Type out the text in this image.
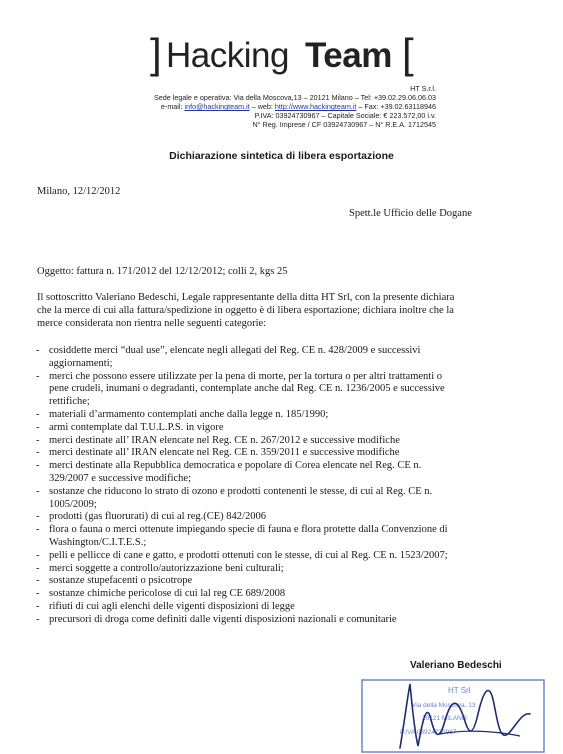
] Hacking Team [
HT S.r.l.
Sede legale e operativa: Via della Moscova,13 – 20121 Milano – Tel: +39.02.29.06.06.03
e-mail: info@hackingteam.it – web: http://www.hackingteam.it – Fax: +39.02.63118946
P.IVA: 03924730967 – Capitale Sociale: € 223.572,00 i.v.
N° Reg. Imprese / CF 03924730967 – N° R.E.A. 1712545
Dichiarazione sintetica di libera esportazione
Milano, 12/12/2012
Spett.le Ufficio delle Dogane
Oggetto: fattura n. 171/2012 del 12/12/2012; colli 2, kgs 25
Il sottoscritto Valeriano Bedeschi, Legale rappresentante della ditta HT Srl, con la presente dichiara
che la merce di cui alla fattura/spedizione in oggetto è di libera esportazione; dichiara inoltre che la
merce considerata non rientra nelle seguenti categorie:
- cosiddette merci “dual use”, elencate negli allegati del Reg. CE n. 428/2009 e successivi
aggiornamenti;
- merci che possono essere utilizzate per la pena di morte, per la tortura o per altri trattamenti o
pene crudeli, inumani o degradanti, contemplate anche dal Reg. CE n. 1236/2005 e successive
rettifiche;
- materiali d’armamento contemplati anche dalla legge n. 185/1990;
- armi contemplate dal T.U.L.P.S. in vigore
- merci destinate all’ IRAN elencate nel Reg. CE n. 267/2012 e successive modifiche
- merci destinate all’ IRAN elencate nel Reg. CE n. 359/2011 e successive modifiche
- merci destinate alla Repubblica democratica e popolare di Corea elencate nel Reg. CE n.
329/2007 e successive modifiche;
- sostanze che riducono lo strato di ozono e prodotti contenenti le stesse, di cui al Reg. CE n.
1005/2009;
- prodotti (gas fluorurati) di cui al reg.(CE) 842/2006
- flora o fauna o merci ottenute impiegando specie di fauna e flora protette dalla Convenzione di
Washington/C.I.T.E.S.;
- pelli e pellicce di cane e gatto, e prodotti ottenuti con le stesse, di cui al Reg. CE n. 1523/2007;
- merci soggette a controllo/autorizzazione beni culturali;
- sostanze stupefacenti o psicotrope
- sostanze chimiche pericolose di cui lal reg CE 689/2008
- rifiuti di cui agli elenchi delle vigenti disposizioni di legge
- precursori di droga come definiti dalle vigenti disposizioni nazionali e comunitarie
Valeriano Bedeschi
HT Srl
Via della Moscova, 13
20121 MILANO
P.IVA 03924730967
